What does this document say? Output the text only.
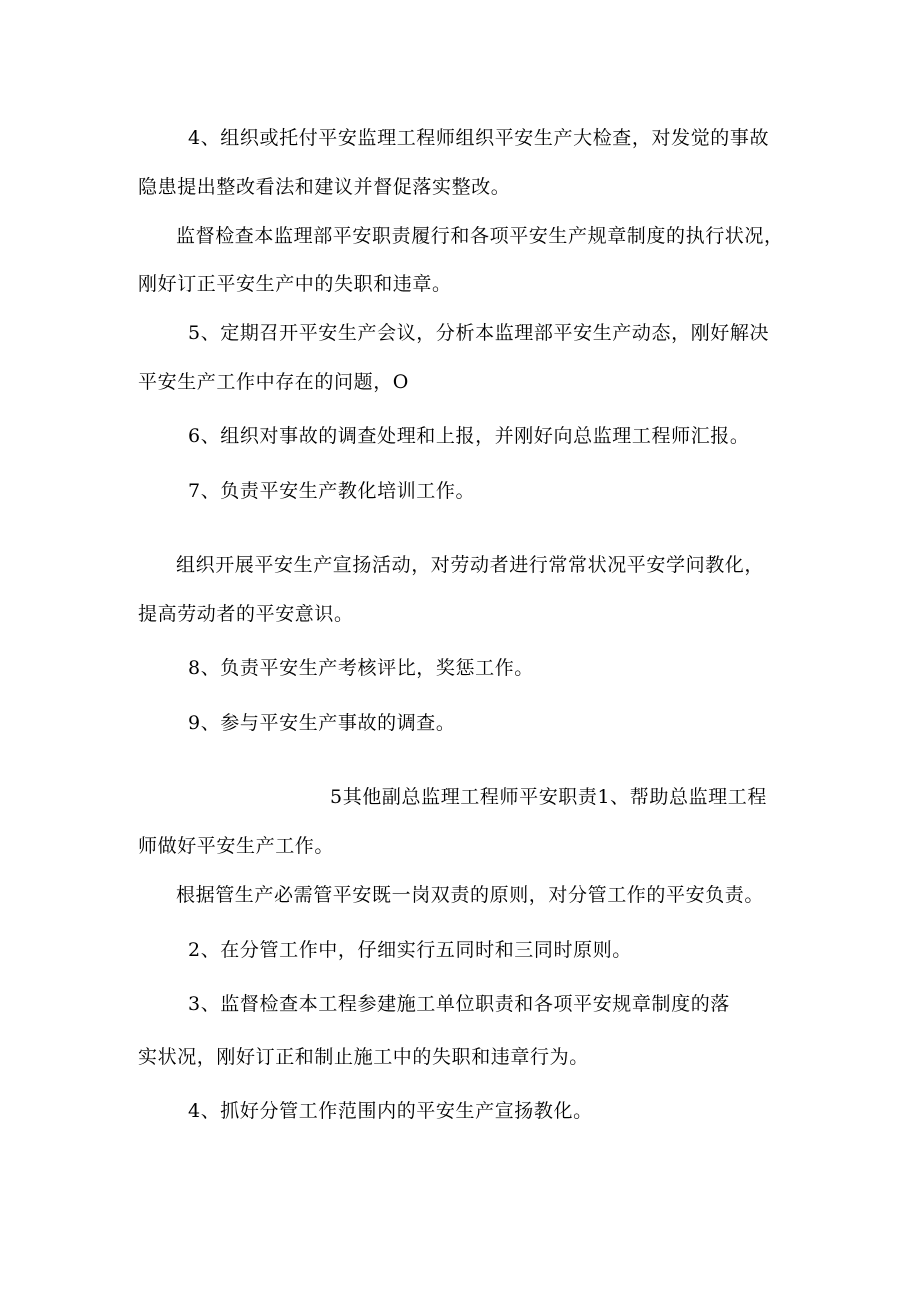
4、组织或托付平安监理工程师组织平安生产大检查，对发觉的事故
隐患提出整改看法和建议并督促落实整改。
监督检查本监理部平安职责履行和各项平安生产规章制度的执行状况，
刚好订正平安生产中的失职和违章。
5、定期召开平安生产会议，分析本监理部平安生产动态，刚好解决
平安生产工作中存在的问题，O
6、组织对事故的调查处理和上报，并刚好向总监理工程师汇报。
7、负责平安生产教化培训工作。
组织开展平安生产宣扬活动，对劳动者进行常常状况平安学问教化，
提高劳动者的平安意识。
8、负责平安生产考核评比，奖惩工作。
9、参与平安生产事故的调查。
5其他副总监理工程师平安职责1、帮助总监理工程
师做好平安生产工作。
根据管生产必需管平安既一岗双责的原则，对分管工作的平安负责。
2、在分管工作中，仔细实行五同时和三同时原则。
3、监督检查本工程参建施工单位职责和各项平安规章制度的落
实状况，刚好订正和制止施工中的失职和违章行为。
4、抓好分管工作范围内的平安生产宣扬教化。
